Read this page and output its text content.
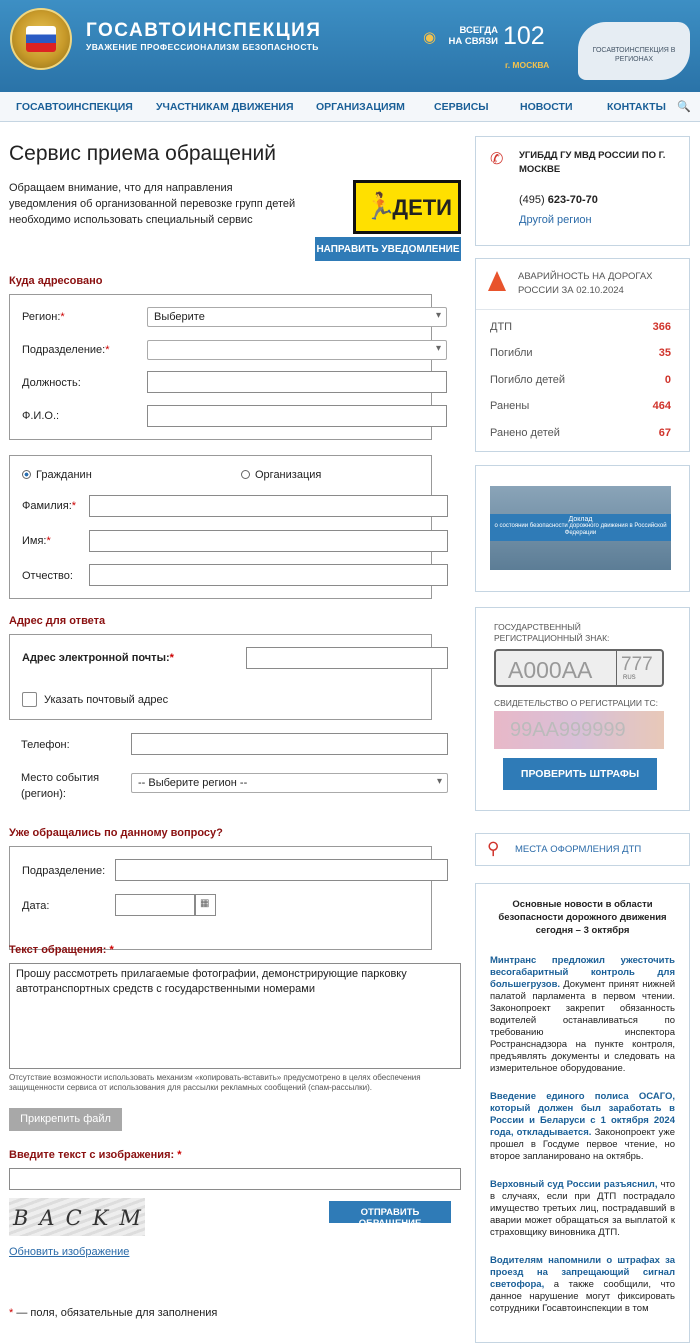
ГОСАВТОИНСПЕКЦИЯ
УВАЖЕНИЕ ПРОФЕССИОНАЛИЗМ БЕЗОПАСНОСТЬ
◉	ВСЕГДА НА СВЯЗИ 102
г. МОСКВА
ГОСАВТОИНСПЕКЦИЯ В РЕГИОНАХ
ГОСАВТОИНСПЕКЦИЯ УЧАСТНИКАМ ДВИЖЕНИЯ ОРГАНИЗАЦИЯМ	СЕРВИСЫ	НОВОСТИ	КОНТАКТЫ 🔍
Сервис приема обращений
Обращаем внимание, что для направления уведомления об организованной перевозке групп детей необходимо использовать специальный сервис	🏃
ДЕТИ
НАПРАВИТЬ УВЕДОМЛЕНИЕ
Куда адресовано
Регион:*	Выберите ▾
Подразделение:*
▾
Должность:
Ф.И.О.:
Гражданин	Организация
Фамилия:*
Имя:*
Отчество:
Адрес для ответа
Адрес электронной почты:*
Указать почтовый адрес
Телефон:
Место события
(регион):
-- Выберите регион -- ▾
Уже обращались по данному вопросу?
Подразделение:
Дата:	▦
Текст обращения: *
Прошу рассмотреть прилагаемые фотографии, демонстрирующие парковку автотранспортных средств с государственными номерами
Отсутствие возможности использовать механизм «копировать-вставить» предусмотрено в целях обеспечения защищенности сервиса от использования для рассылки рекламных сообщений (спам-рассылки).
Прикрепить файл
Введите текст с изображения: *
BACKM	ОТПРАВИТЬ ОБРАЩЕНИЕ
Обновить изображение
* — поля, обязательные для заполнения
✆ УГИБДД ГУ МВД РОССИИ ПО Г. МОСКВЕ
(495) 623-70-70
Другой регион
АВАРИЙНОСТЬ НА ДОРОГАХ РОССИИ ЗА 02.10.2024
ДТП	366
Погибли	35
Погибло детей	0
Ранены	464
Ранено детей	67
Доклад
о состоянии безопасности дорожного движения в Российской Федерации
ГОСУДАРСТВЕННЫЙ РЕГИСТРАЦИОННЫЙ ЗНАК:
А000АА 777
RUS
СВИДЕТЕЛЬСТВО О РЕГИСТРАЦИИ ТС:
99АА999999
ПРОВЕРИТЬ ШТРАФЫ
⚲ МЕСТА ОФОРМЛЕНИЯ ДТП
Основные новости в области безопасности дорожного движения сегодня – 3 октября
Минтранс предложил ужесточить весогабаритный контроль для большегрузов. Документ принят нижней палатой парламента в первом чтении. Законопроект закрепит обязанность водителей останавливаться по требованию инспектора Ространснадзора на пункте контроля, предъявлять документы и следовать на измерительное оборудование.
Введение единого полиса ОСАГО, который должен был заработать в России и Беларуси с 1 октября 2024 года, откладывается. Законопроект уже прошел в Госдуме первое чтение, но второе запланировано на октябрь.
Верховный суд России разъяснил, что в случаях, если при ДТП пострадало имущество третьих лиц, пострадавший в аварии может обращаться за выплатой к страховщику виновника ДТП.
Водителям напомнили о штрафах за проезд на запрещающий сигнал светофора, а также сообщили, что данное нарушение могут фиксировать сотрудники Госавтоинспекции в том
